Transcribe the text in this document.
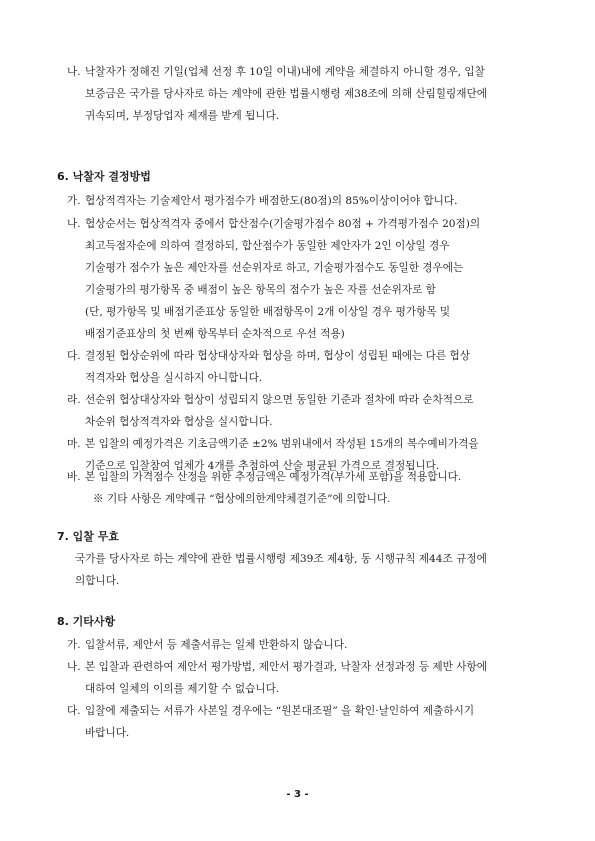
나. 낙찰자가 정해진 기일(업체 선정 후 10일 이내)내에 계약을 체결하지 아니할 경우, 입찰
보증금은 국가를 당사자로 하는 계약에 관한 법률시행령 제38조에 의해 산림힐링재단에
귀속되며, 부정당업자 제재를 받게 됩니다.
6. 낙찰자 결정방법
가. 협상적격자는 기술제안서 평가점수가 배점한도(80점)의 85%이상이어야 합니다.
나. 협상순서는 협상적격자 중에서 합산점수(기술평가점수 80점 + 가격평가점수 20점)의
최고득점자순에 의하여 결정하되, 합산점수가 동일한 제안자가 2인 이상일 경우
기술평가 점수가 높은 제안자를 선순위자로 하고, 기술평가점수도 동일한 경우에는
기술평가의 평가항목 중 배점이 높은 항목의 점수가 높은 자를 선순위자로 함
(단, 평가항목 및 배점기준표상 동일한 배점항목이 2개 이상일 경우 평가항목 및
배점기준표상의 첫 번째 항목부터 순차적으로 우선 적용)
다. 결정된 협상순위에 따라 협상대상자와 협상을 하며, 협상이 성립된 때에는 다른 협상
적격자와 협상을 실시하지 아니합니다.
라. 선순위 협상대상자와 협상이 성립되지 않으면 동일한 기준과 절차에 따라 순차적으로
차순위 협상적격자와 협상을 실시합니다.
마. 본 입찰의 예정가격은 기초금액기준 ±2% 범위내에서 작성된 15개의 복수예비가격을
기준으로 입찰참여 업체가 4개를 추첨하여 산술 평균된 가격으로 결정됩니다.
바. 본 입찰의 가격점수 산정을 위한 추정금액은 예정가격(부가세 포함)을 적용합니다.
※ 기타 사항은 계약예규 “협상에의한계약체결기준”에 의합니다.
7. 입찰 무효
국가를 당사자로 하는 계약에 관한 법률시행령 제39조 제4항, 동 시행규칙 제44조 규정에
의합니다.
8. 기타사항
가. 입찰서류, 제안서 등 제출서류는 일체 반환하지 않습니다.
나. 본 입찰과 관련하여 제안서 평가방법, 제안서 평가결과, 낙찰자 선정과정 등 제반 사항에
대하여 일체의 이의를 제기할 수 없습니다.
다. 입찰에 제출되는 서류가 사본일 경우에는 “원본대조필” 을 확인·날인하여 제출하시기
바랍니다.
- 3 -
